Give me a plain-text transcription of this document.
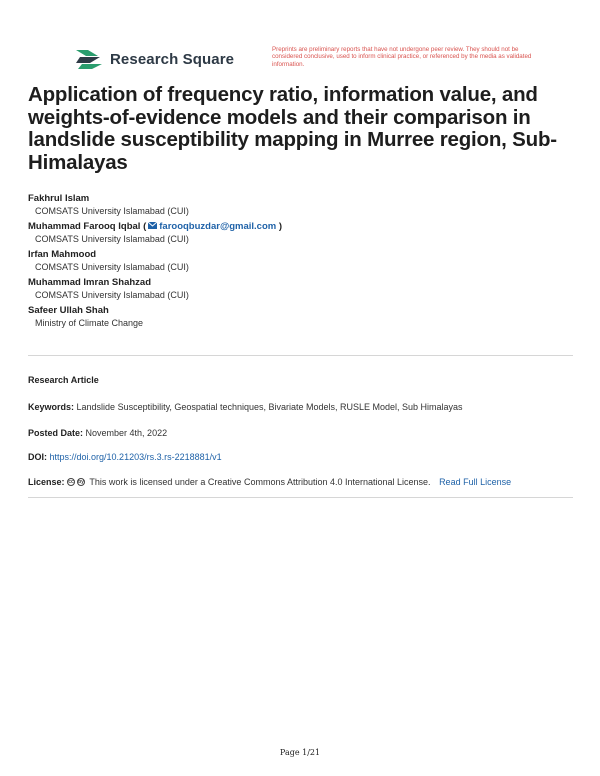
Research Square
Preprints are preliminary reports that have not undergone peer review. They should not be considered conclusive, used to inform clinical practice, or referenced by the media as validated information.
Application of frequency ratio, information value, and weights-of-evidence models and their comparison in landslide susceptibility mapping in Murree region, Sub-Himalayas
Fakhrul Islam
COMSATS University Islamabad (CUI)
Muhammad Farooq Iqbal ( farooqbuzdar@gmail.com )
COMSATS University Islamabad (CUI)
Irfan Mahmood
COMSATS University Islamabad (CUI)
Muhammad Imran Shahzad
COMSATS University Islamabad (CUI)
Safeer Ullah Shah
Ministry of Climate Change
Research Article
Keywords: Landslide Susceptibility, Geospatial techniques, Bivariate Models, RUSLE Model, Sub Himalayas
Posted Date: November 4th, 2022
DOI: https://doi.org/10.21203/rs.3.rs-2218881/v1
License: cc by This work is licensed under a Creative Commons Attribution 4.0 International License. Read Full License
Page 1/21
